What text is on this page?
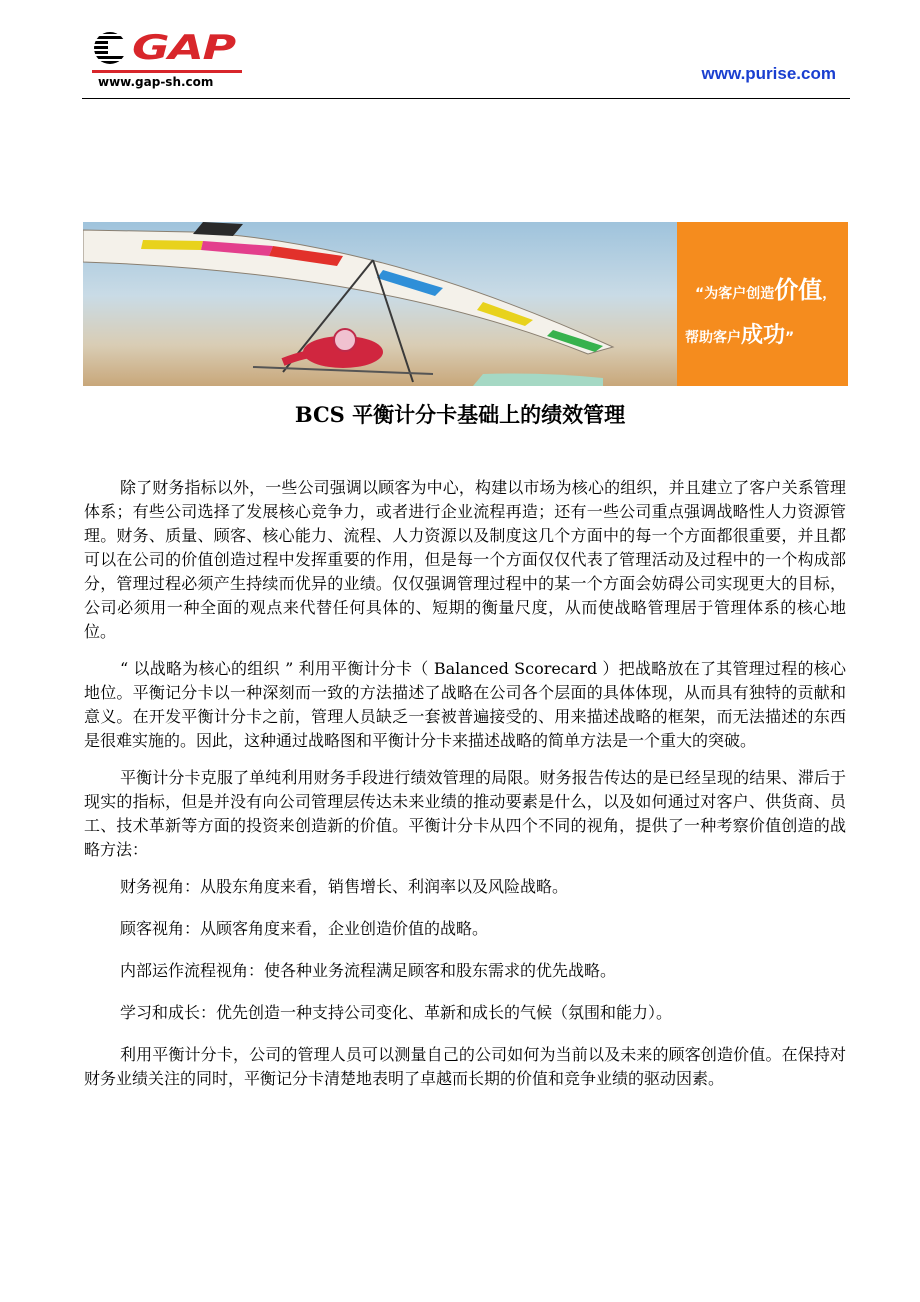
GAP
www.gap-sh.com	www.purise.com
“为客户创造价值，
帮助客户成功”
BCS 平衡计分卡基础上的绩效管理

除了财务指标以外，一些公司强调以顾客为中心，构建以市场为核心的组织，并且建立了客户关系管理体系；有些公司选择了发展核心竞争力，或者进行企业流程再造；还有一些公司重点强调战略性人力资源管理。财务、质量、顾客、核心能力、流程、人力资源以及制度这几个方面中的每一个方面都很重要，并且都可以在公司的价值创造过程中发挥重要的作用，但是每一个方面仅仅代表了管理活动及过程中的一个构成部分，管理过程必须产生持续而优异的业绩。仅仅强调管理过程中的某一个方面会妨碍公司实现更大的目标，公司必须用一种全面的观点来代替任何具体的、短期的衡量尺度，从而使战略管理居于管理体系的核心地位。

“ 以战略为核心的组织 ” 利用平衡计分卡（ Balanced Scorecard ）把战略放在了其管理过程的核心地位。平衡记分卡以一种深刻而一致的方法描述了战略在公司各个层面的具体体现，从而具有独特的贡献和意义。在开发平衡计分卡之前，管理人员缺乏一套被普遍接受的、用来描述战略的框架，而无法描述的东西是很难实施的。因此，这种通过战略图和平衡计分卡来描述战略的简单方法是一个重大的突破。

平衡计分卡克服了单纯利用财务手段进行绩效管理的局限。财务报告传达的是已经呈现的结果、滞后于现实的指标，但是并没有向公司管理层传达未来业绩的推动要素是什么，以及如何通过对客户、供货商、员工、技术革新等方面的投资来创造新的价值。平衡计分卡从四个不同的视角，提供了一种考察价值创造的战略方法：

财务视角：从股东角度来看，销售增长、利润率以及风险战略。

顾客视角：从顾客角度来看，企业创造价值的战略。

内部运作流程视角：使各种业务流程满足顾客和股东需求的优先战略。

学习和成长：优先创造一种支持公司变化、革新和成长的气候（氛围和能力）。

利用平衡计分卡，公司的管理人员可以测量自己的公司如何为当前以及未来的顾客创造价值。在保持对财务业绩关注的同时，平衡记分卡清楚地表明了卓越而长期的价值和竞争业绩的驱动因素。
